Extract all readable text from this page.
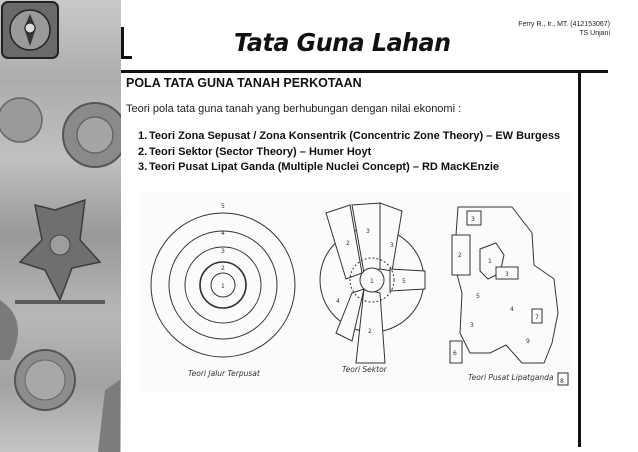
Ferry R., Ir., MT. (412153067)
TS Unjani
Tata Guna Lahan
POLA TATA GUNA TANAH PERKOTAAN
Teori pola tata guna tanah yang berhubungan dengan nilai ekonomi :
1. Teori Zona Sepusat / Zona Konsentrik (Concentric Zone Theory) – EW Burgess
2. Teori Sektor (Sector Theory) – Humer Hoyt
3. Teori Pusat Lipat Ganda (Multiple Nuclei Concept) – RD MacKEnzie
1
2
3
4
5
1
2
3
4
5
2
3
3
2
1
3
4
5
6
7
8
9
3
Teori Jalur Terpusat	Teori Sektor
Teori Pusat Lipatganda
